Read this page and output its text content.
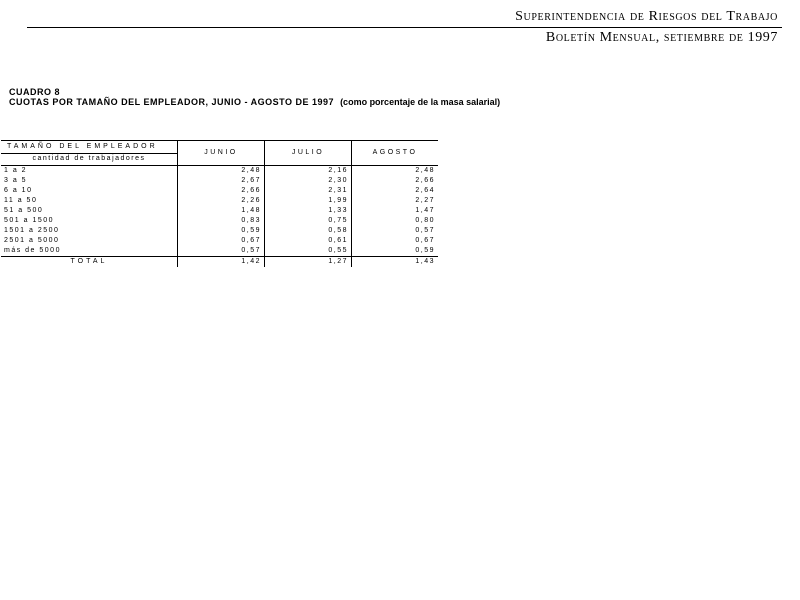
Superintendencia de Riesgos del Trabajo
Boletín Mensual, setiembre de 1997
CUADRO 8
CUOTAS POR TAMAÑO DEL EMPLEADOR, JUNIO - AGOSTO DE 1997 (como porcentaje de la masa salarial)
TAMAÑO DEL EMPLEADOR	JUNIO	JULIO	AGOSTO
cantidad de trabajadores			
1 a 2	2,48	2,16	2,48
3 a 5	2,67	2,30	2,66
6 a 10	2,66	2,31	2,64
11 a 50	2,26	1,99	2,27
51 a 500	1,48	1,33	1,47
501 a 1500	0,83	0,75	0,80
1501 a 2500	0,59	0,58	0,57
2501 a 5000	0,67	0,61	0,67
más de 5000	0,57	0,55	0,59
TOTAL	1,42	1,27	1,43
